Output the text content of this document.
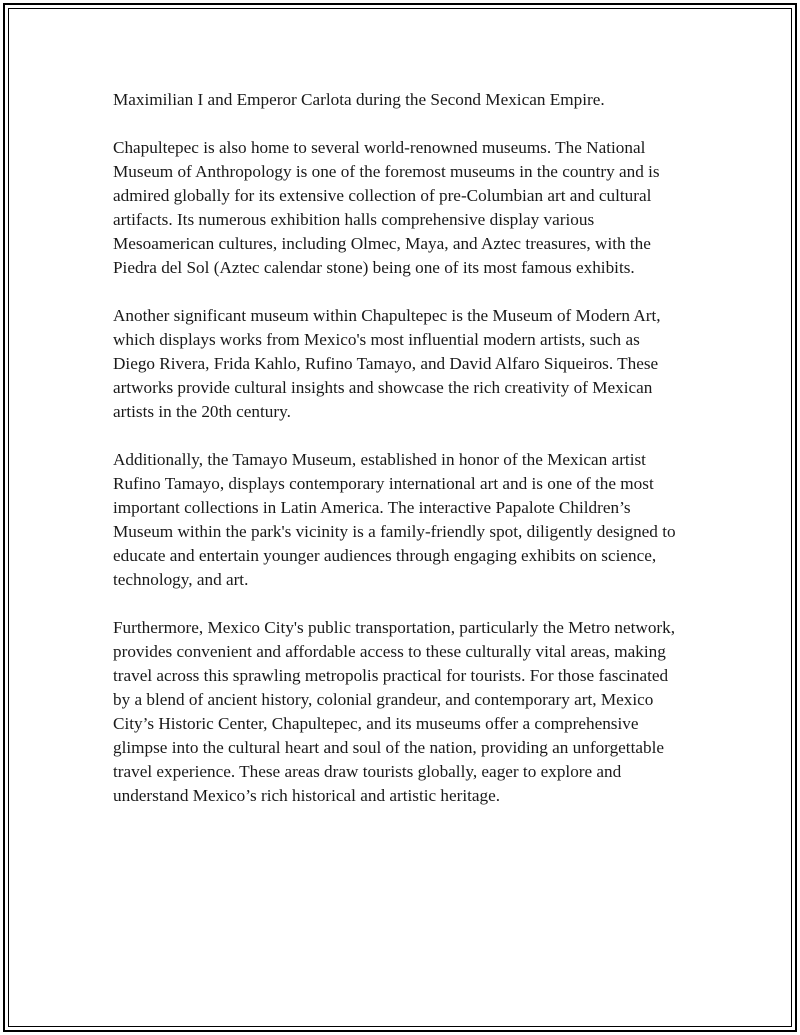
Maximilian I and Emperor Carlota during the Second Mexican Empire.

Chapultepec is also home to several world-renowned museums. The National Museum of Anthropology is one of the foremost museums in the country and is admired globally for its extensive collection of pre-Columbian art and cultural artifacts. Its numerous exhibition halls comprehensive display various Mesoamerican cultures, including Olmec, Maya, and Aztec treasures, with the Piedra del Sol (Aztec calendar stone) being one of its most famous exhibits.

Another significant museum within Chapultepec is the Museum of Modern Art, which displays works from Mexico's most influential modern artists, such as Diego Rivera, Frida Kahlo, Rufino Tamayo, and David Alfaro Siqueiros. These artworks provide cultural insights and showcase the rich creativity of Mexican artists in the 20th century.

Additionally, the Tamayo Museum, established in honor of the Mexican artist Rufino Tamayo, displays contemporary international art and is one of the most important collections in Latin America. The interactive Papalote Children’s Museum within the park's vicinity is a family-friendly spot, diligently designed to educate and entertain younger audiences through engaging exhibits on science, technology, and art.

Furthermore, Mexico City's public transportation, particularly the Metro network, provides convenient and affordable access to these culturally vital areas, making travel across this sprawling metropolis practical for tourists. For those fascinated by a blend of ancient history, colonial grandeur, and contemporary art, Mexico City’s Historic Center, Chapultepec, and its museums offer a comprehensive glimpse into the cultural heart and soul of the nation, providing an unforgettable travel experience. These areas draw tourists globally, eager to explore and understand Mexico’s rich historical and artistic heritage.
